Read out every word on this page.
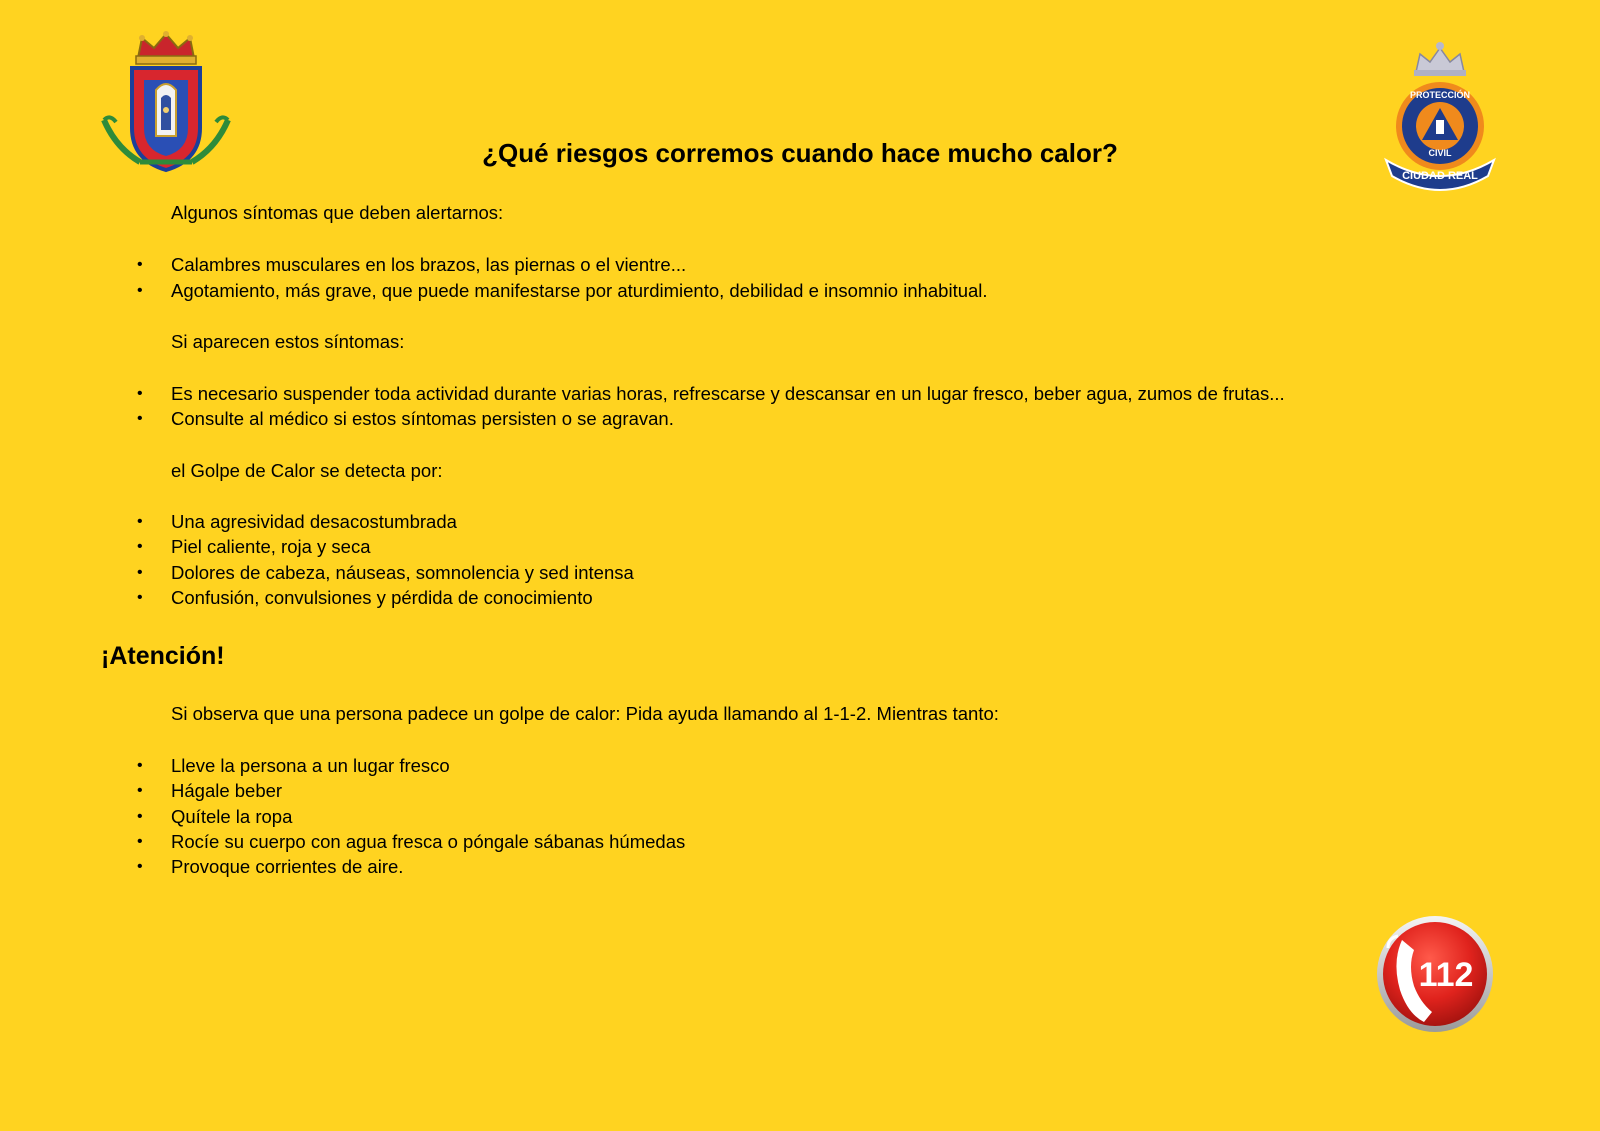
PROTECCIÓN
CIVIL
CIUDAD REAL
¿Qué riesgos corremos cuando hace mucho calor?
Algunos síntomas que deben alertarnos:
• Calambres musculares en los brazos, las piernas o el vientre...
• Agotamiento, más grave, que puede manifestarse por aturdimiento, debilidad e insomnio inhabitual.
Si aparecen estos síntomas:
• Es necesario suspender toda actividad durante varias horas, refrescarse y descansar en un lugar fresco, beber agua, zumos de frutas...
• Consulte al médico si estos síntomas persisten o se agravan.
el Golpe de Calor se detecta por:
• Una agresividad desacostumbrada
• Piel caliente, roja y seca
• Dolores de cabeza, náuseas, somnolencia y sed intensa
• Confusión, convulsiones y pérdida de conocimiento
¡Atención!
Si observa que una persona padece un golpe de calor: Pida ayuda llamando al 1-1-2. Mientras tanto:
• Lleve la persona a un lugar fresco
• Hágale beber
• Quítele la ropa
• Rocíe su cuerpo con agua fresca o póngale sábanas húmedas
• Provoque corrientes de aire.
112
